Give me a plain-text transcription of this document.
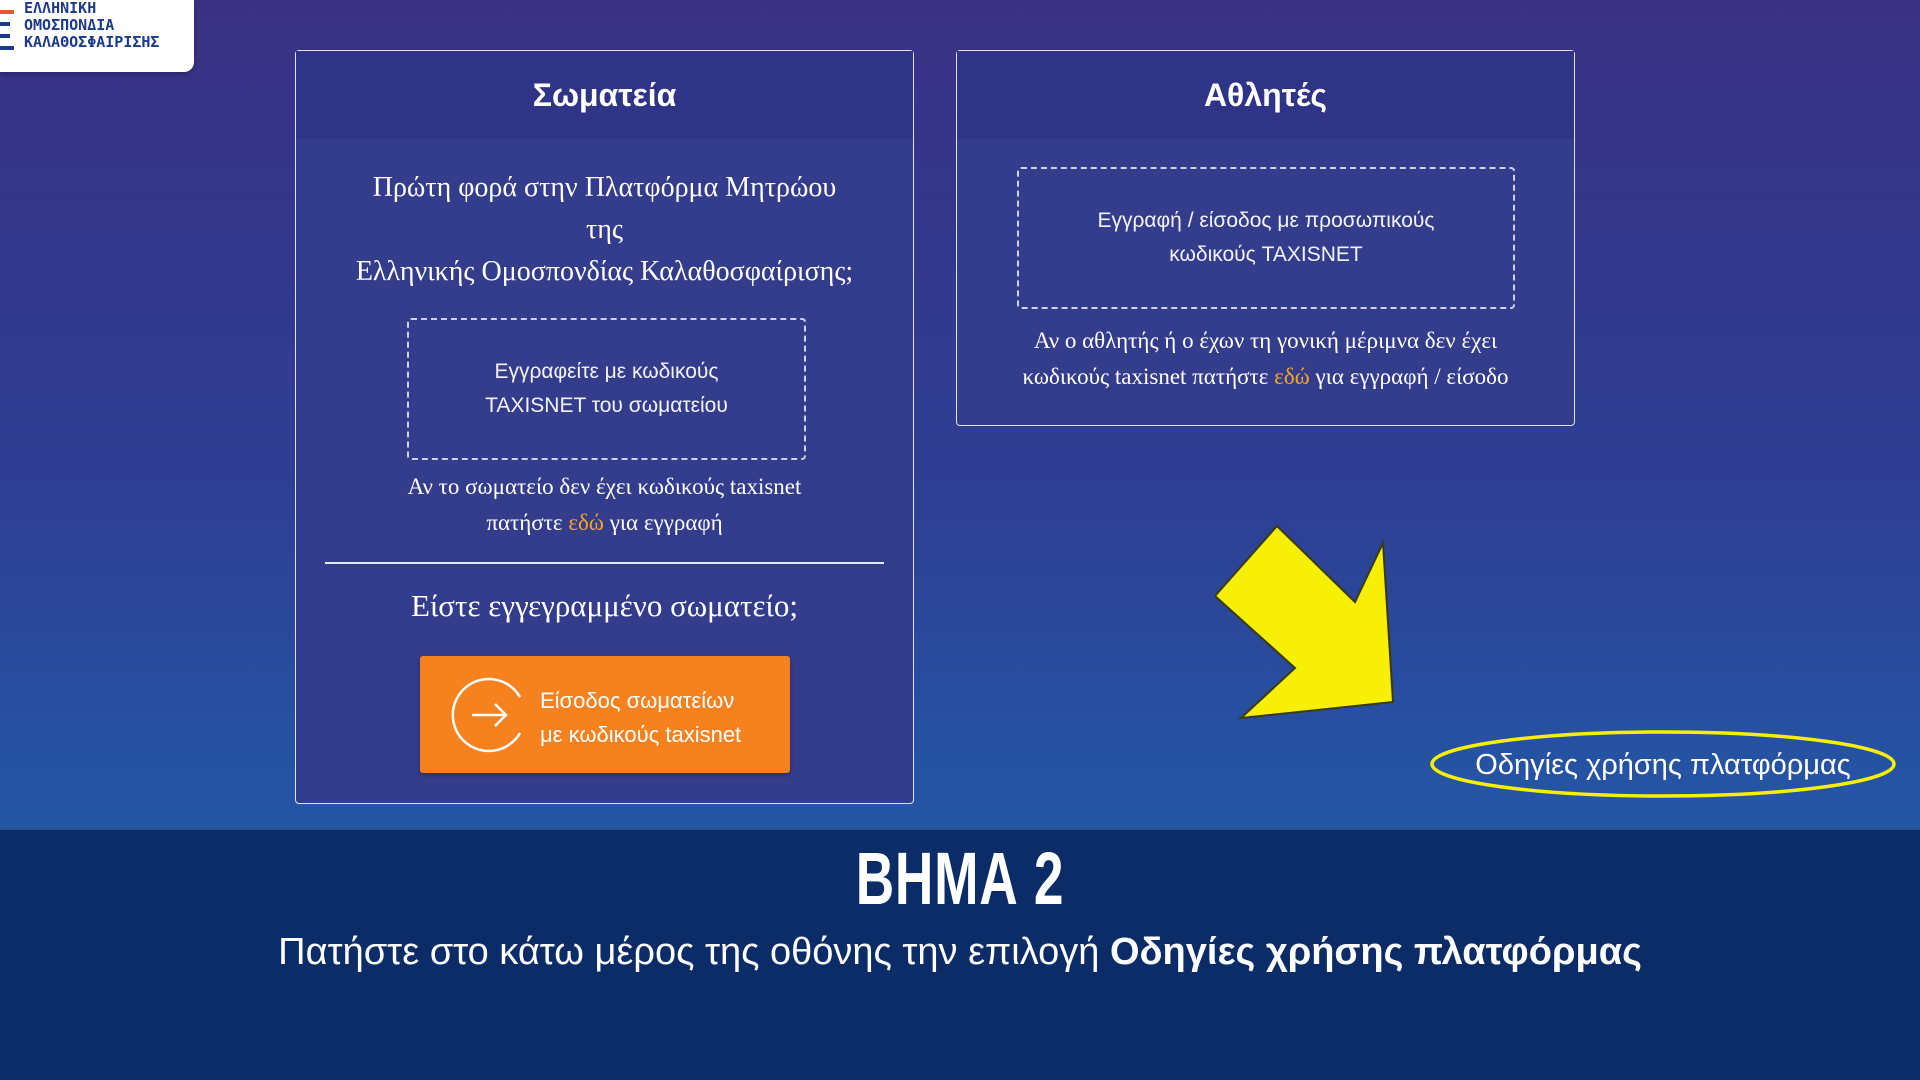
ΕΛΛΗΝΙΚΗ
ΟΜΟΣΠΟΝΔΙΑ
ΚΑΛΑΘΟΣΦΑΙΡΙΣΗΣ
Σωματεία
Πρώτη φορά στην Πλατφόρμα Μητρώου
της
Ελληνικής Ομοσπονδίας Καλαθοσφαίρισης;
Εγγραφείτε με κωδικούς
TAXISNET του σωματείου
Αν το σωματείο δεν έχει κωδικούς taxisnet
πατήστε εδώ για εγγραφή
Είστε εγγεγραμμένο σωματείο;
Είσοδος σωματείων
με κωδικούς taxisnet
Αθλητές
Εγγραφή / είσοδος με προσωπικούς
κωδικούς TAXISNET
Αν ο αθλητής ή ο έχων τη γονική μέριμνα δεν έχει
κωδικούς taxisnet πατήστε εδώ για εγγραφή / είσοδο
Οδηγίες χρήσης πλατφόρμας
ΒΗΜΑ 2
Πατήστε στο κάτω μέρος της οθόνης την επιλογή Οδηγίες χρήσης πλατφόρμας
